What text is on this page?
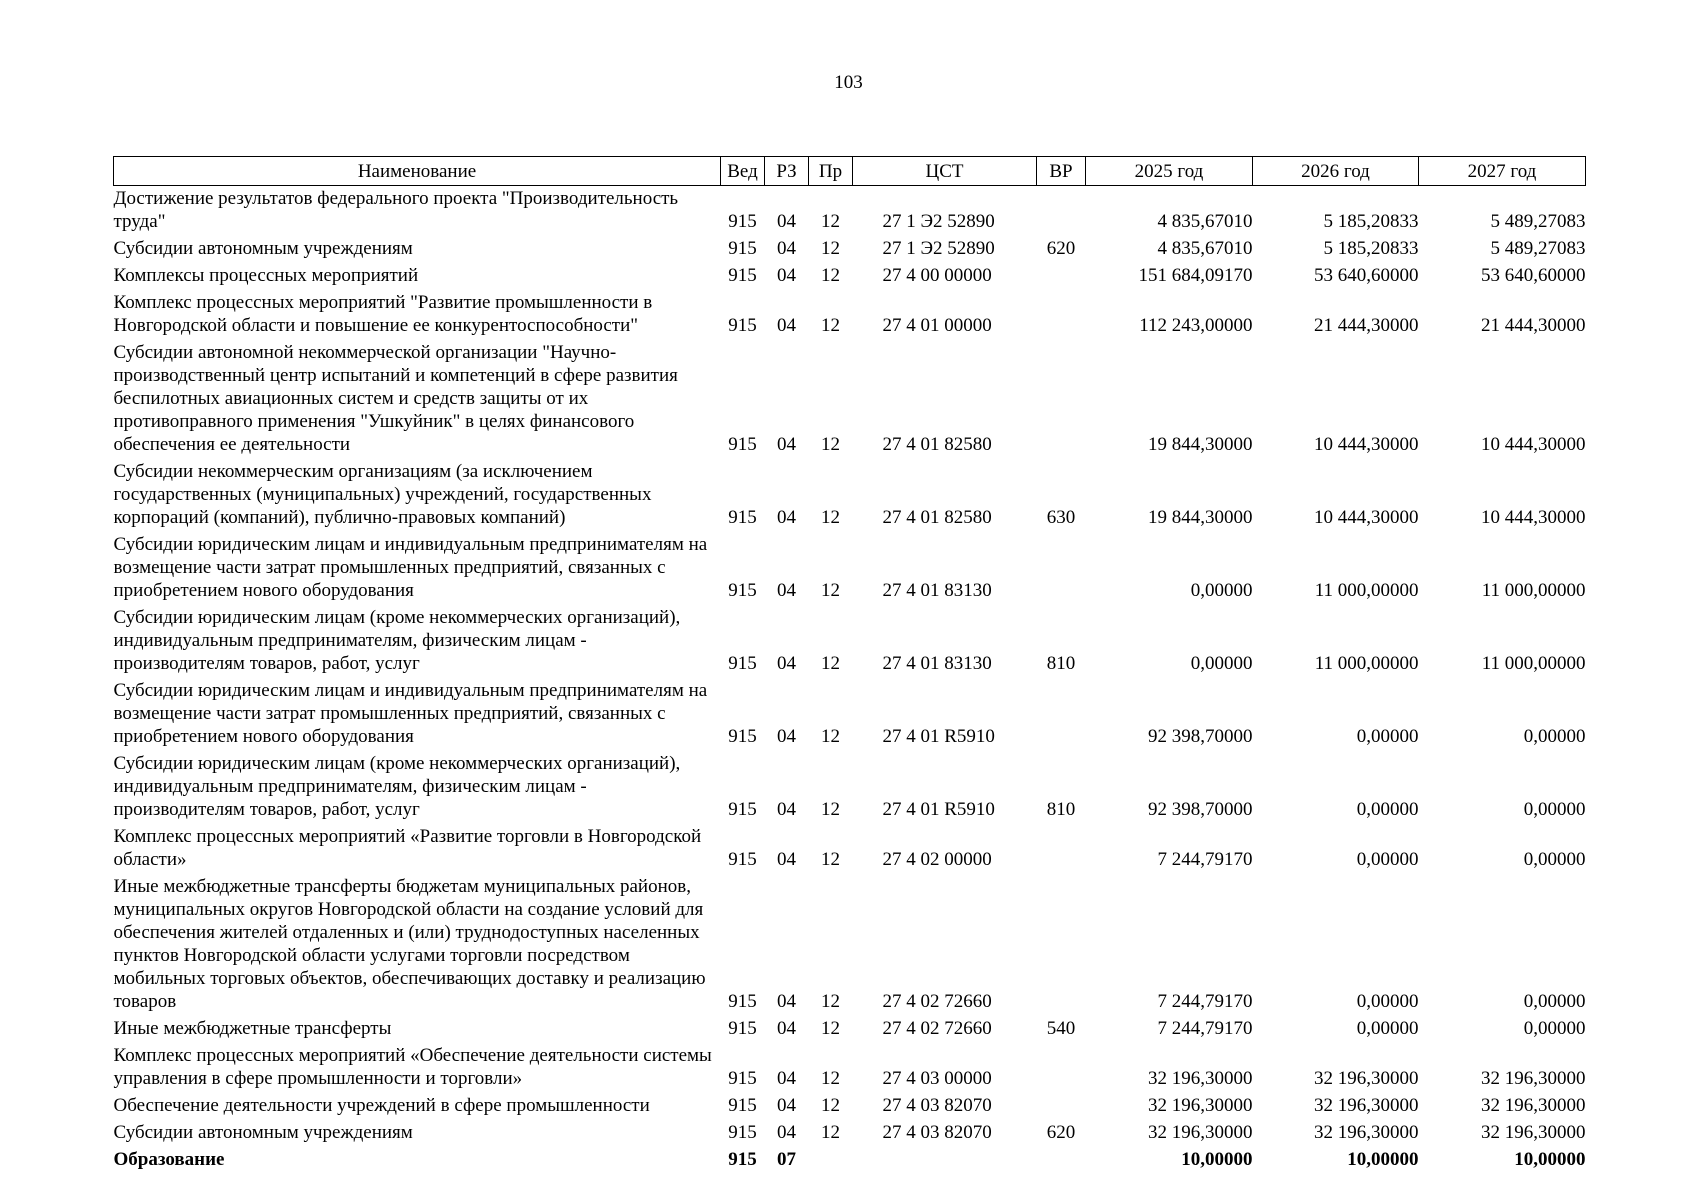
103
Наименование	Вед	РЗ	Пр	ЦСТ	ВР	2025 год	2026 год	2027 год
Достижение результатов федерального проекта "Производительность труда"	915	04	12	27 1 Э2 52890		4 835,67010	5 185,20833	5 489,27083
Субсидии автономным учреждениям	915	04	12	27 1 Э2 52890	620	4 835,67010	5 185,20833	5 489,27083
Комплексы процессных мероприятий	915	04	12	27 4 00 00000		151 684,09170	53 640,60000	53 640,60000
Комплекс процессных мероприятий "Развитие промышленности в Новгородской области и повышение ее конкурентоспособности"	915	04	12	27 4 01 00000		112 243,00000	21 444,30000	21 444,30000
Субсидии автономной некоммерческой организации "Научно-производственный центр испытаний и компетенций в сфере развития беспилотных авиационных систем и средств защиты от их противоправного применения "Ушкуйник" в целях финансового обеспечения ее деятельности	915	04	12	27 4 01 82580		19 844,30000	10 444,30000	10 444,30000
Субсидии некоммерческим организациям (за исключением государственных (муниципальных) учреждений, государственных корпораций (компаний), публично-правовых компаний)	915	04	12	27 4 01 82580	630	19 844,30000	10 444,30000	10 444,30000
Субсидии юридическим лицам и индивидуальным предпринимателям на возмещение части затрат промышленных предприятий, связанных с приобретением нового оборудования	915	04	12	27 4 01 83130		0,00000	11 000,00000	11 000,00000
Субсидии юридическим лицам (кроме некоммерческих организаций), индивидуальным предпринимателям, физическим лицам - производителям товаров, работ, услуг	915	04	12	27 4 01 83130	810	0,00000	11 000,00000	11 000,00000
Субсидии юридическим лицам и индивидуальным предпринимателям на возмещение части затрат промышленных предприятий, связанных с приобретением нового оборудования	915	04	12	27 4 01 R5910		92 398,70000	0,00000	0,00000
Субсидии юридическим лицам (кроме некоммерческих организаций), индивидуальным предпринимателям, физическим лицам - производителям товаров, работ, услуг	915	04	12	27 4 01 R5910	810	92 398,70000	0,00000	0,00000
Комплекс процессных мероприятий «Развитие торговли в Новгородской области»	915	04	12	27 4 02 00000		7 244,79170	0,00000	0,00000
Иные межбюджетные трансферты бюджетам муниципальных районов, муниципальных округов Новгородской области на создание условий для обеспечения жителей отдаленных и (или) труднодоступных населенных пунктов Новгородской области услугами торговли посредством мобильных торговых объектов, обеспечивающих доставку и реализацию товаров	915	04	12	27 4 02 72660		7 244,79170	0,00000	0,00000
Иные межбюджетные трансферты	915	04	12	27 4 02 72660	540	7 244,79170	0,00000	0,00000
Комплекс процессных мероприятий «Обеспечение деятельности системы управления в сфере промышленности и торговли»	915	04	12	27 4 03 00000		32 196,30000	32 196,30000	32 196,30000
Обеспечение деятельности учреждений в сфере промышленности	915	04	12	27 4 03 82070		32 196,30000	32 196,30000	32 196,30000
Субсидии автономным учреждениям	915	04	12	27 4 03 82070	620	32 196,30000	32 196,30000	32 196,30000
Образование	915	07				10,00000	10,00000	10,00000
